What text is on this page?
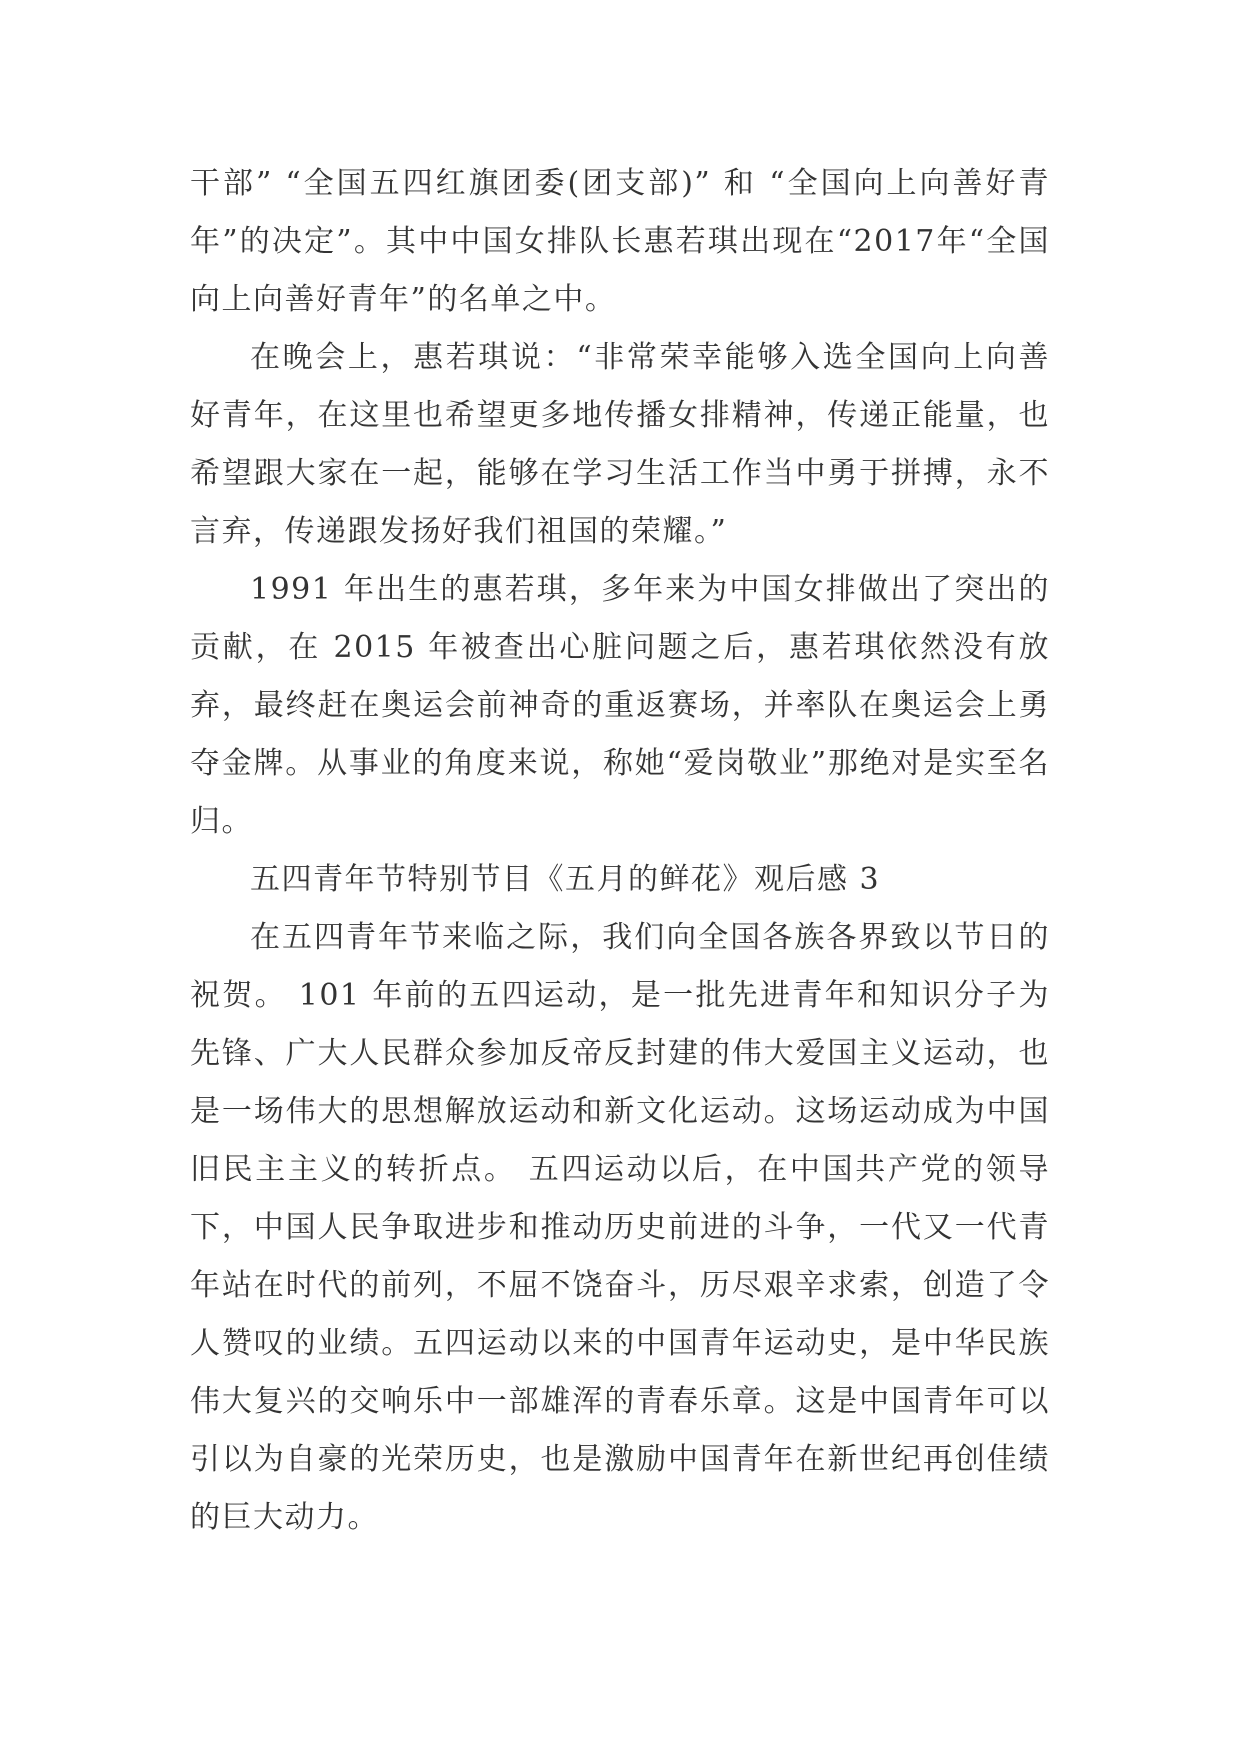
干部” “全国五四红旗团委(团支部)” 和 “全国向上向善好青年”的决定”。其中中国女排队长惠若琪出现在“2017年“全国向上向善好青年”的名单之中。

在晚会上，惠若琪说：“非常荣幸能够入选全国向上向善好青年，在这里也希望更多地传播女排精神，传递正能量，也希望跟大家在一起，能够在学习生活工作当中勇于拼搏，永不言弃，传递跟发扬好我们祖国的荣耀。”

1991 年出生的惠若琪，多年来为中国女排做出了突出的贡献，在 2015 年被查出心脏问题之后，惠若琪依然没有放弃，最终赶在奥运会前神奇的重返赛场，并率队在奥运会上勇夺金牌。从事业的角度来说，称她“爱岗敬业”那绝对是实至名归。

五四青年节特别节目《五月的鲜花》观后感 3

在五四青年节来临之际，我们向全国各族各界致以节日的祝贺。 101 年前的五四运动，是一批先进青年和知识分子为先锋、广大人民群众参加反帝反封建的伟大爱国主义运动，也是一场伟大的思想解放运动和新文化运动。这场运动成为中国旧民主主义的转折点。 五四运动以后，在中国共产党的领导下，中国人民争取进步和推动历史前进的斗争，一代又一代青年站在时代的前列，不屈不饶奋斗，历尽艰辛求索，创造了令人赞叹的业绩。五四运动以来的中国青年运动史，是中华民族伟大复兴的交响乐中一部雄浑的青春乐章。这是中国青年可以引以为自豪的光荣历史，也是激励中国青年在新世纪再创佳绩的巨大动力。
